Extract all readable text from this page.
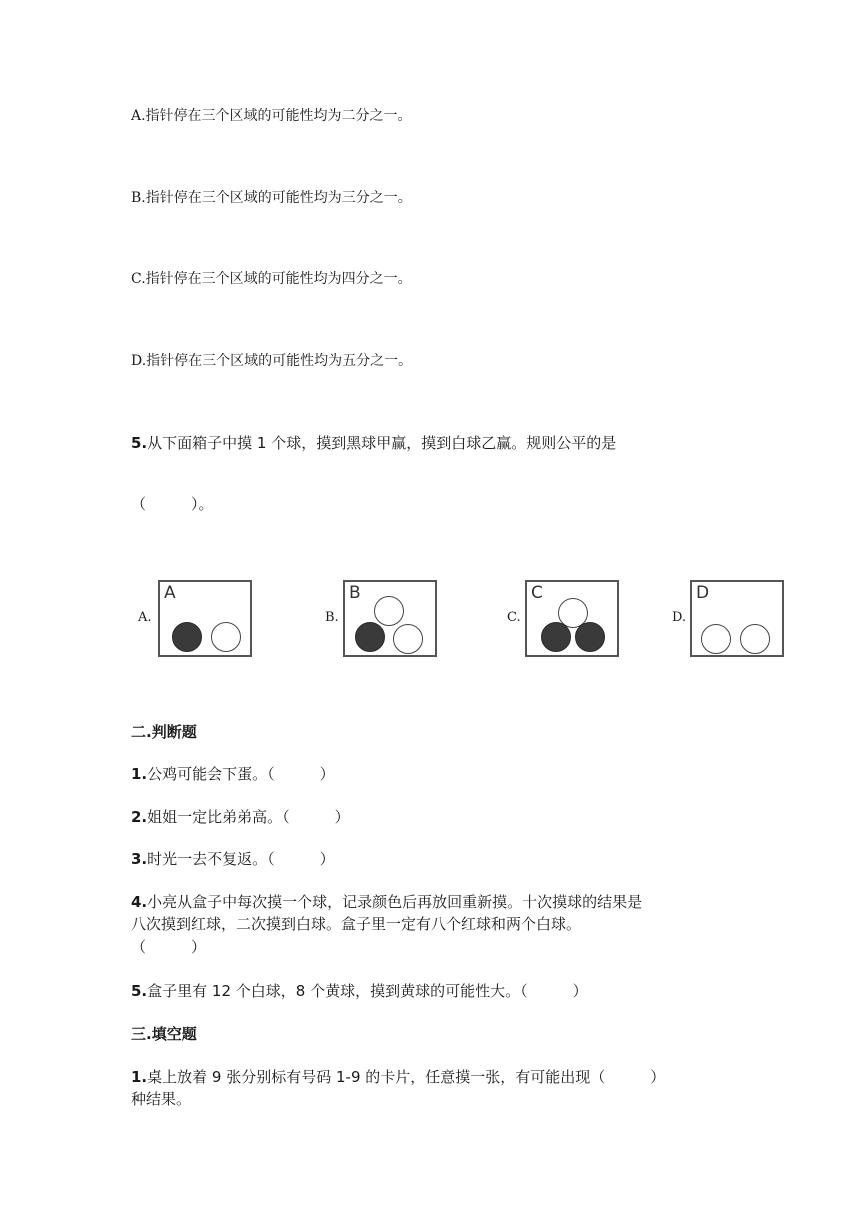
A.指针停在三个区域的可能性均为二分之一。
B.指针停在三个区域的可能性均为三分之一。
C.指针停在三个区域的可能性均为四分之一。
D.指针停在三个区域的可能性均为五分之一。
5.从下面箱子中摸 1 个球，摸到黑球甲赢，摸到白球乙赢。规则公平的是
（　　　）。
A.
A
B.
B
C.
C
D.
D
二.判断题
1.公鸡可能会下蛋。（　　　）
2.姐姐一定比弟弟高。（　　　）
3.时光一去不复返。（　　　）
4.小亮从盒子中每次摸一个球，记录颜色后再放回重新摸。十次摸球的结果是
八次摸到红球，二次摸到白球。盒子里一定有八个红球和两个白球。
（　　　）
5.盒子里有 12 个白球，8 个黄球，摸到黄球的可能性大。（　　　）
三.填空题
1.桌上放着 9 张分别标有号码 1-9 的卡片，任意摸一张，有可能出现（　　　）
种结果。
